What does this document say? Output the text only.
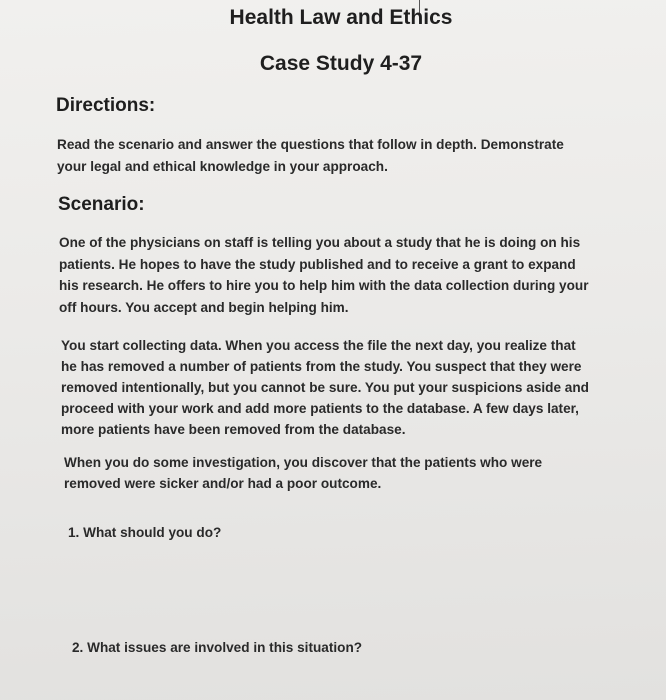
Health Law and Ethics
Case Study 4-37
Directions:
Read the scenario and answer the questions that follow in depth. Demonstrate
your legal and ethical knowledge in your approach.
Scenario:
One of the physicians on staff is telling you about a study that he is doing on his
patients. He hopes to have the study published and to receive a grant to expand
his research. He offers to hire you to help him with the data collection during your
off hours. You accept and begin helping him.
You start collecting data. When you access the file the next day, you realize that
he has removed a number of patients from the study. You suspect that they were
removed intentionally, but you cannot be sure. You put your suspicions aside and
proceed with your work and add more patients to the database. A few days later,
more patients have been removed from the database.
When you do some investigation, you discover that the patients who were
removed were sicker and/or had a poor outcome.
1. What should you do?
2. What issues are involved in this situation?
